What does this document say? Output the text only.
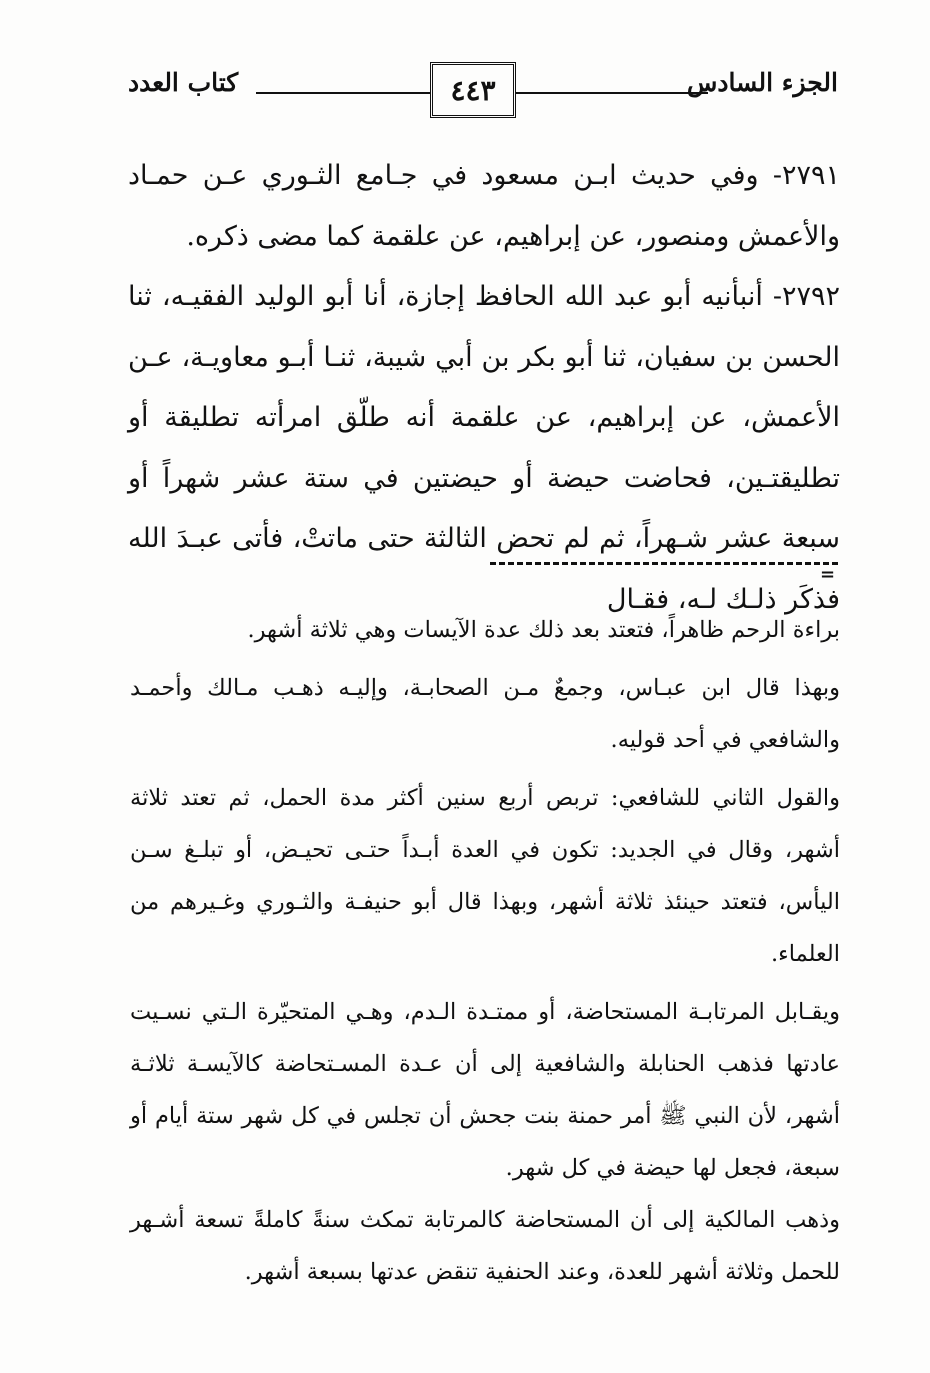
كتاب العدد	٤٤٣	الجزء السادس

٢٧٩١- وفي حديث ابـن مسعود في جـامع الثـوري عـن حمـاد والأعمش ومنصور، عن إبراهيم، عن علقمة كما مضى ذكره.

٢٧٩٢- أنبأنيه أبو عبد الله الحافظ إجازة، أنا أبو الوليد الفقيـه، ثنا الحسن بن سفيان، ثنا أبو بكر بن أبي شيبة، ثنـا أبـو معاويـة، عـن الأعمش، عن إبراهيم، عن علقمة أنه طلّق امرأته تطليقة أو تطليقتـين، فحاضت حيضة أو حيضتين في ستة عشر شهراً أو سبعة عشر شـهراً، ثم لم تحض الثالثة حتى ماتتْ، فأتى عبـدَ الله فذكَر ذلـك لـه، فقـال

=

براءة الرحم ظاهراً، فتعتد بعد ذلك عدة الآيسات وهي ثلاثة أشهر.

وبهذا قال ابن عبـاس، وجمعٌ مـن الصحابـة، وإليـه ذهـب مـالك وأحمـد والشافعي في أحد قوليه.

والقول الثاني للشافعي: تربص أربع سنين أكثر مدة الحمل، ثم تعتد ثلاثة أشهر، وقال في الجديد: تكون في العدة أبـداً حتـى تحيـض، أو تبلـغ سـن اليأس، فتعتد حينئذ ثلاثة أشهر، وبهذا قال أبو حنيفـة والثـوري وغـيرهم من العلماء.

ويقـابل المرتابـة المستحاضة، أو ممتـدة الـدم، وهـي المتحيّرة الـتي نسـيت عادتها فذهب الحنابلة والشافعية إلى أن عـدة المسـتحاضة كالآيسـة ثلاثـة أشهر، لأن النبي ﷺ أمر حمنة بنت جحش أن تجلس في كل شهر ستة أيام أو سبعة، فجعل لها حيضة في كل شهر.

وذهب المالكية إلى أن المستحاضة كالمرتابة تمكث سنةً كاملةً تسعة أشـهر للحمل وثلاثة أشهر للعدة، وعند الحنفية تنقض عدتها بسبعة أشهر.
